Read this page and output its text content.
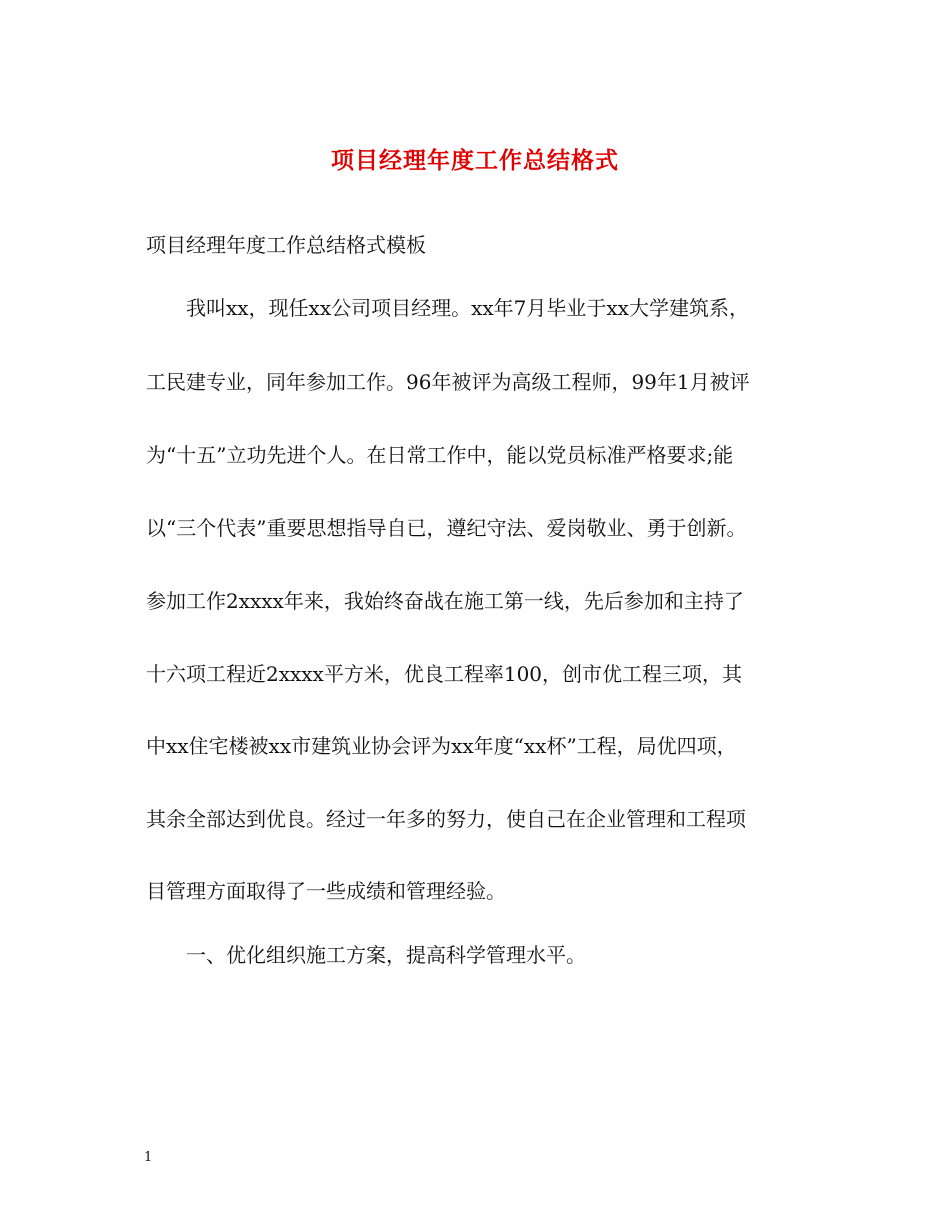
项目经理年度工作总结格式
项目经理年度工作总结格式模板
我叫xx，现任xx公司项目经理。xx年7月毕业于xx大学建筑系，
工民建专业，同年参加工作。96年被评为高级工程师，99年1月被评
为“十五”立功先进个人。在日常工作中，能以党员标准严格要求;能
以“三个代表”重要思想指导自已，遵纪守法、爱岗敬业、勇于创新。
参加工作2xxxx年来，我始终奋战在施工第一线，先后参加和主持了
十六项工程近2xxxx平方米，优良工程率100，创市优工程三项，其
中xx住宅楼被xx市建筑业协会评为xx年度“xx杯”工程，局优四项，
其余全部达到优良。经过一年多的努力，使自己在企业管理和工程项
目管理方面取得了一些成绩和管理经验。
一、优化组织施工方案，提高科学管理水平。
1
